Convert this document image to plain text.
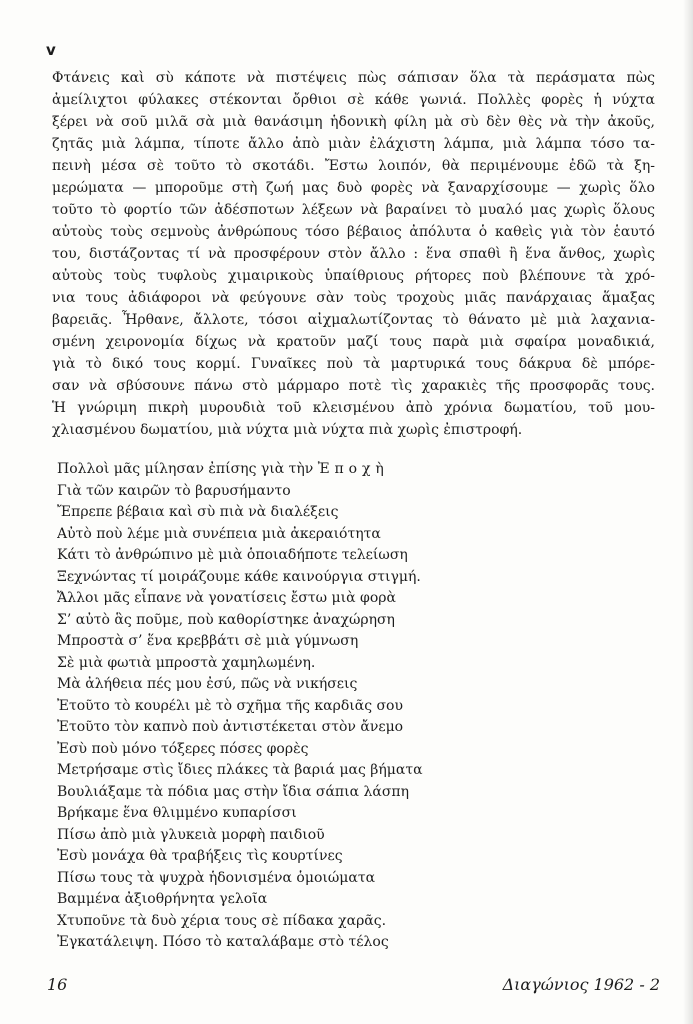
v
Φτάνεις καὶ σὺ κάποτε νὰ πιστέψεις πὼς σάπισαν ὅλα τὰ περάσματα πὼς
ἀμείλιχτοι φύλακες στέκονται ὄρθιοι σὲ κάθε γωνιά. Πολλὲς φορὲς ἡ νύχτα
ξέρει νὰ σοῦ μιλᾶ σὰ μιὰ θανάσιμη ἡδονικὴ φίλη μὰ σὺ δὲν θὲς νὰ τὴν ἀκοῦς,
ζητᾶς μιὰ λάμπα, τίποτε ἄλλο ἀπὸ μιὰν ἐλάχιστη λάμπα, μιὰ λάμπα τόσο τα-
πεινὴ μέσα σὲ τοῦτο τὸ σκοτάδι. Ἔστω λοιπόν, θὰ περιμένουμε ἐδῶ τὰ ξη-
μερώματα — μποροῦμε στὴ ζωή μας δυὸ φορὲς νὰ ξαναρχίσουμε — χωρὶς ὅλο
τοῦτο τὸ φορτίο τῶν ἀδέσποτων λέξεων νὰ βαραίνει τὸ μυαλό μας χωρὶς ὅλους
αὐτοὺς τοὺς σεμνοὺς ἀνθρώπους τόσο βέβαιος ἀπόλυτα ὁ καθεὶς γιὰ τὸν ἑαυτό
του, διστάζοντας τί νὰ προσφέρουν στὸν ἄλλο : ἕνα σπαθὶ ἢ ἕνα ἄνθος, χωρὶς
αὐτοὺς τοὺς τυφλοὺς χιμαιρικοὺς ὑπαίθριους ρήτορες ποὺ βλέπουνε τὰ χρό-
νια τους ἀδιάφοροι νὰ φεύγουνε σὰν τοὺς τροχοὺς μιᾶς πανάρχαιας ἅμαξας
βαρειᾶς. Ἦρθανε, ἄλλοτε, τόσοι αἰχμαλωτίζοντας τὸ θάνατο μὲ μιὰ λαχανια-
σμένη χειρονομία δίχως νὰ κρατοῦν μαζί τους παρὰ μιὰ σφαίρα μοναδικιά,
γιὰ τὸ δικό τους κορμί. Γυναῖκες ποὺ τὰ μαρτυρικά τους δάκρυα δὲ μπόρε-
σαν νὰ σβύσουνε πάνω στὸ μάρμαρο ποτὲ τὶς χαρακιὲς τῆς προσφορᾶς τους.
Ἡ γνώριμη πικρὴ μυρουδιὰ τοῦ κλεισμένου ἀπὸ χρόνια δωματίου, τοῦ μου-
χλιασμένου δωματίου, μιὰ νύχτα μιὰ νύχτα πιὰ χωρὶς ἐπιστροφή.
Πολλοὶ μᾶς μίλησαν ἐπίσης γιὰ τὴν Ἐποχὴ
Γιὰ τῶν καιρῶν τὸ βαρυσήμαντο
Ἔπρεπε βέβαια καὶ σὺ πιὰ νὰ διαλέξεις
Αὐτὸ ποὺ λέμε μιὰ συνέπεια μιὰ ἀκεραιότητα
Κάτι τὸ ἀνθρώπινο μὲ μιὰ ὁποιαδήποτε τελείωση
Ξεχνώντας τί μοιράζουμε κάθε καινούργια στιγμή.
Ἄλλοι μᾶς εἶπανε νὰ γονατίσεις ἔστω μιὰ φορὰ
Σ’ αὐτὸ ἃς ποῦμε, ποὺ καθορίστηκε ἀναχώρηση
Μπροστὰ σ’ ἕνα κρεββάτι σὲ μιὰ γύμνωση
Σὲ μιὰ φωτιὰ μπροστὰ χαμηλωμένη.
Μὰ ἀλήθεια πές μου ἐσύ, πῶς νὰ νικήσεις
Ἐτοῦτο τὸ κουρέλι μὲ τὸ σχῆμα τῆς καρδιᾶς σου
Ἐτοῦτο τὸν καπνὸ ποὺ ἀντιστέκεται στὸν ἄνεμο
Ἐσὺ ποὺ μόνο τόξερες πόσες φορὲς
Μετρήσαμε στὶς ἴδιες πλάκες τὰ βαριά μας βήματα
Βουλιάξαμε τὰ πόδια μας στὴν ἴδια σάπια λάσπη
Βρήκαμε ἕνα θλιμμένο κυπαρίσσι
Πίσω ἀπὸ μιὰ γλυκειὰ μορφὴ παιδιοῦ
Ἐσὺ μονάχα θὰ τραβήξεις τὶς κουρτίνες
Πίσω τους τὰ ψυχρὰ ἡδονισμένα ὁμοιώματα
Βαμμένα ἀξιοθρήνητα γελοῖα
Χτυποῦνε τὰ δυὸ χέρια τους σὲ πίδακα χαρᾶς.
Ἐγκατάλειψη. Πόσο τὸ καταλάβαμε στὸ τέλος
16	Διαγώνιος 1962 - 2
